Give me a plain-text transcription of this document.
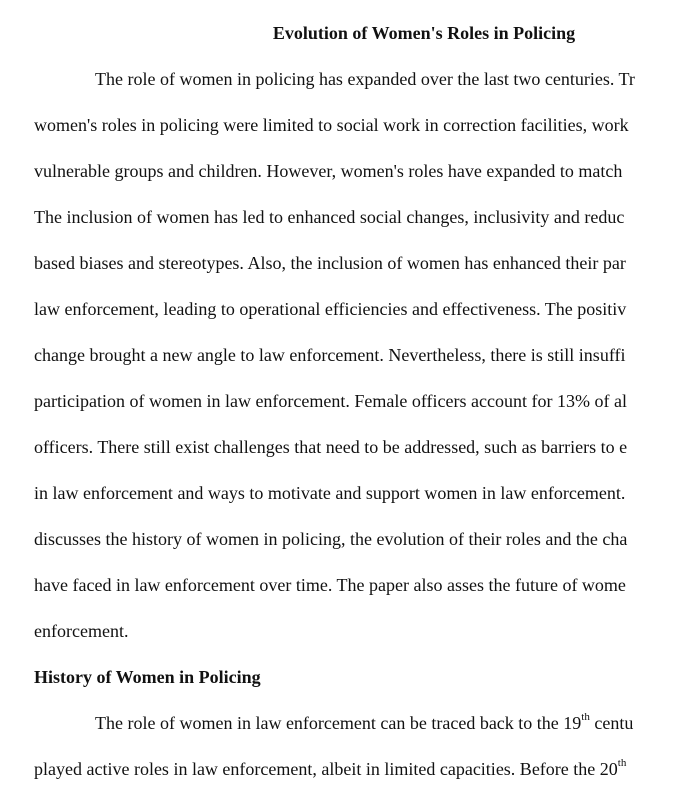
Evolution of Women's Roles in Policing
The role of women in policing has expanded over the last two centuries. Tr
women's roles in policing were limited to social work in correction facilities, work
vulnerable groups and children. However, women's roles have expanded to match
The inclusion of women has led to enhanced social changes, inclusivity and reduc
based biases and stereotypes. Also, the inclusion of women has enhanced their par
law enforcement, leading to operational efficiencies and effectiveness. The positiv
change brought a new angle to law enforcement. Nevertheless, there is still insuffi
participation of women in law enforcement. Female officers account for 13% of al
officers. There still exist challenges that need to be addressed, such as barriers to e
in law enforcement and ways to motivate and support women in law enforcement.
discusses the history of women in policing, the evolution of their roles and the cha
have faced in law enforcement over time. The paper also asses the future of wome
enforcement.
History of Women in Policing
The role of women in law enforcement can be traced back to the 19th centu
played active roles in law enforcement, albeit in limited capacities. Before the 20th
